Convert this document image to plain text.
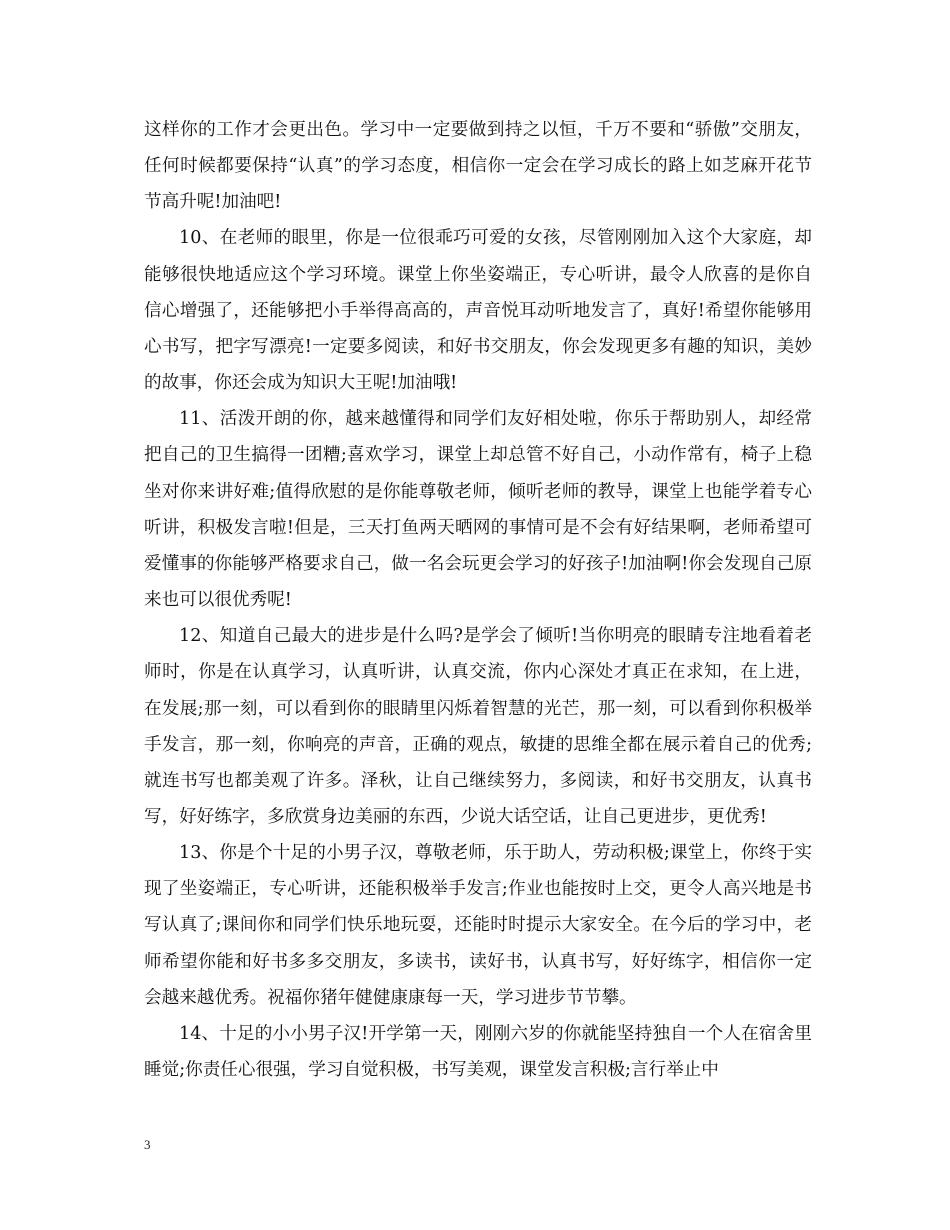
这样你的工作才会更出色。学习中一定要做到持之以恒，千万不要和“骄傲”交朋友，任何时候都要保持“认真”的学习态度，相信你一定会在学习成长的路上如芝麻开花节节高升呢!加油吧!

10、在老师的眼里，你是一位很乖巧可爱的女孩，尽管刚刚加入这个大家庭，却能够很快地适应这个学习环境。课堂上你坐姿端正，专心听讲，最令人欣喜的是你自信心增强了，还能够把小手举得高高的，声音悦耳动听地发言了，真好!希望你能够用心书写，把字写漂亮!一定要多阅读，和好书交朋友，你会发现更多有趣的知识，美妙的故事，你还会成为知识大王呢!加油哦!

11、活泼开朗的你，越来越懂得和同学们友好相处啦，你乐于帮助别人，却经常把自己的卫生搞得一团糟;喜欢学习，课堂上却总管不好自己，小动作常有，椅子上稳坐对你来讲好难;值得欣慰的是你能尊敬老师，倾听老师的教导，课堂上也能学着专心听讲，积极发言啦!但是，三天打鱼两天晒网的事情可是不会有好结果啊，老师希望可爱懂事的你能够严格要求自己，做一名会玩更会学习的好孩子!加油啊!你会发现自己原来也可以很优秀呢!

12、知道自己最大的进步是什么吗?是学会了倾听!当你明亮的眼睛专注地看着老师时，你是在认真学习，认真听讲，认真交流，你内心深处才真正在求知，在上进，在发展;那一刻，可以看到你的眼睛里闪烁着智慧的光芒，那一刻，可以看到你积极举手发言，那一刻，你响亮的声音，正确的观点，敏捷的思维全都在展示着自己的优秀;就连书写也都美观了许多。泽秋，让自己继续努力，多阅读，和好书交朋友，认真书写，好好练字，多欣赏身边美丽的东西，少说大话空话，让自己更进步，更优秀!

13、你是个十足的小男子汉，尊敬老师，乐于助人，劳动积极;课堂上，你终于实现了坐姿端正，专心听讲，还能积极举手发言;作业也能按时上交，更令人高兴地是书写认真了;课间你和同学们快乐地玩耍，还能时时提示大家安全。在今后的学习中，老师希望你能和好书多多交朋友，多读书，读好书，认真书写，好好练字，相信你一定会越来越优秀。祝福你猪年健健康康每一天，学习进步节节攀。

14、十足的小小男子汉!开学第一天，刚刚六岁的你就能坚持独自一个人在宿舍里睡觉;你责任心很强，学习自觉积极，书写美观，课堂发言积极;言行举止中

3
